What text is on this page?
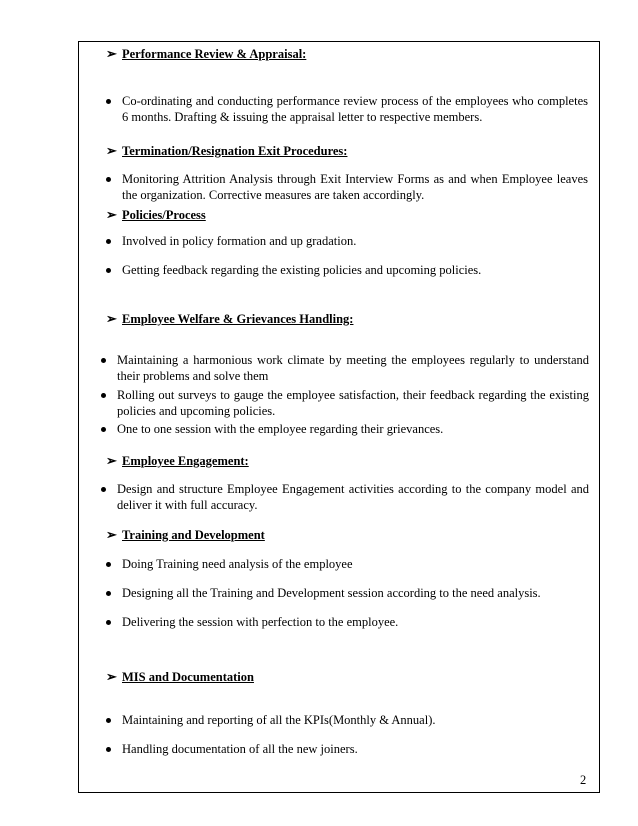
➢ Performance Review & Appraisal:
Co-ordinating and conducting performance review process of the employees who completes 6 months. Drafting & issuing the appraisal letter to respective members.
➢ Termination/Resignation Exit Procedures:
Monitoring Attrition Analysis through Exit Interview Forms as and when Employee leaves the organization. Corrective measures are taken accordingly.
➢ Policies/Process
Involved in policy formation and up gradation.
Getting feedback regarding the existing policies and upcoming policies.
➢ Employee Welfare & Grievances Handling:
Maintaining a harmonious work climate by meeting the employees regularly to understand their problems and solve them
Rolling out surveys to gauge the employee satisfaction, their feedback regarding the existing policies and upcoming policies.
One to one session with the employee regarding their grievances.
➢ Employee Engagement:
Design and structure Employee Engagement activities according to the company model and deliver it with full accuracy.
➢ Training and Development
Doing Training need analysis of the employee
Designing all the Training and Development session according to the need analysis.
Delivering the session with perfection to the employee.
➢ MIS and Documentation
Maintaining and reporting of all the KPIs(Monthly & Annual).
Handling documentation of all the new joiners.
2
